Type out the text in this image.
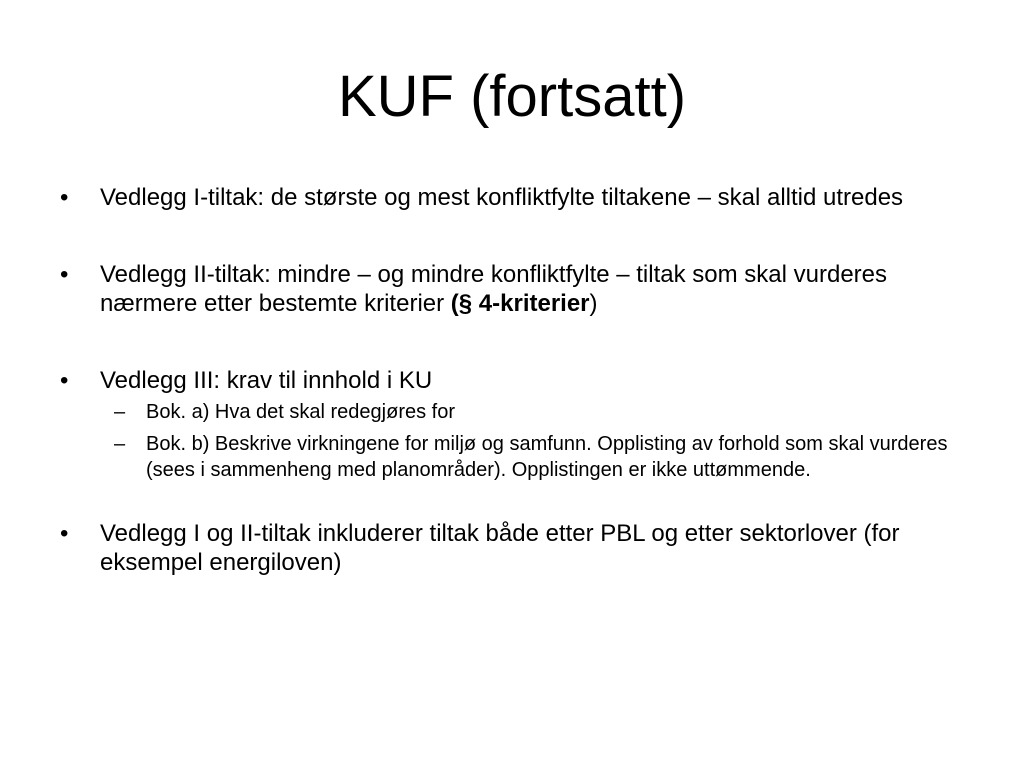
KUF (fortsatt)
•	Vedlegg I-tiltak: de største og mest konfliktfylte tiltakene – skal alltid utredes
•	Vedlegg II-tiltak: mindre – og mindre konfliktfylte – tiltak som skal vurderes nærmere etter bestemte kriterier (§ 4-kriterier)
•	Vedlegg III: krav til innhold i KU
– Bok. a) Hva det skal redegjøres for
– Bok. b) Beskrive virkningene for miljø og samfunn. Opplisting av forhold som skal vurderes (sees i sammenheng med planområder). Opplistingen er ikke uttømmende.
•	Vedlegg I og II-tiltak inkluderer tiltak både etter PBL og etter sektorlover (for eksempel energiloven)
